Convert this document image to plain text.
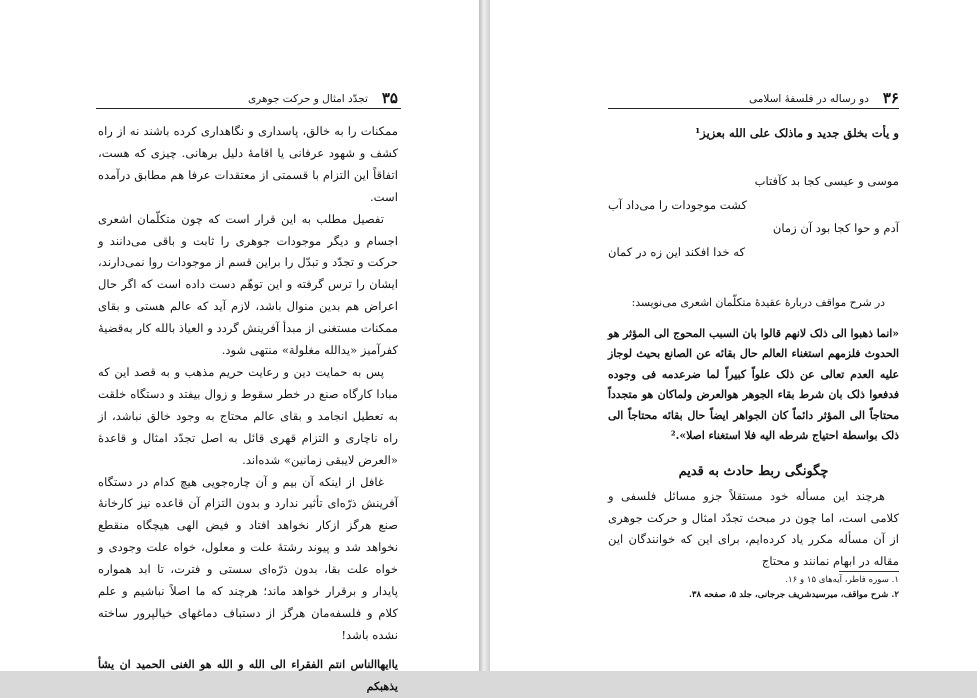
۳۵
تجدّد امثال و حرکت جوهری

ممکنات را به خالق، پاسداری و نگاهداری کرده باشند نه از راه کشف و شهود عرفانی یا اقامهٔ دلیل برهانی. چیزی که هست، اتفاقاً این التزام با قسمتی از معتقدات عرفا هم مطابق درآمده است.

تفصیل مطلب به این قرار است که چون متکلّمان اشعری اجسام و دیگر موجودات جوهری را ثابت و باقی می‌دانند و حرکت و تجدّد و تبدّل را براین قسم از موجودات روا نمی‌دارند، ایشان را ترس گرفته و این توهّم دست داده است که اگر حال اعراض هم بدین منوال باشد، لازم آید که عالم هستی و بقای ممکنات مستغنی از مبدأ آفرینش گردد و العیاذ بالله کار به‌قضیهٔ کفرآمیز «یدالله مغلولة» منتهی شود.

پس به حمایت دین و رعایت حریم مذهب و به قصد این که مبادا کارگاه صنع در خطر سقوط و زوال بیفتد و دستگاه خلقت به تعطیل انجامد و بقای عالم محتاج به وجود خالق نباشد، از راه ناچاری و التزام قهری قائل به اصل تجدّد امثال و قاعدهٔ «العرض لایبقی زمانین» شده‌اند.

غافل از اینکه آن بیم و آن چاره‌جویی هیچ کدام در دستگاه آفرینش ذرّه‌ای تأثیر ندارد و بدون التزام آن قاعده نیز کارخانهٔ صنع هرگز ازکار نخواهد افتاد و فیض الهی هیچگاه منقطع نخواهد شد و پیوند رشتهٔ علت و معلول، خواه علت وجودی و خواه علت بقا، بدون ذرّه‌ای سستی و فترت، تا ابد همواره پایدار و برقرار خواهد ماند؛ هرچند که ما اصلاً نباشیم و علم کلام و فلسفه‌مان هرگز از دستباف دماغهای خیالپرور ساخته نشده باشد!

یاایهاالناس انتم الفقراء الی الله و الله هو الغنی الحمید ان یشأ یذهبکم

۳۶
دو رساله در فلسفهٔ اسلامی
و یأت بخلق جدید و ماذلک علی الله بعزیز¹
موسی و عیسی کجا بد کآفتاب
کشت موجودات را می‌داد آب
آدم و حوا کجا بود آن زمان
که خدا افکند این زه در کمان

در شرح مواقف دربارهٔ عقیدهٔ متکلّمان اشعری می‌نویسد:

«انما ذهبوا الی ذلک لانهم قالوا بان السبب المحوج الی المؤثر هو الحدوث فلزمهم استغناء العالم حال بقائه عن الصانع بحیث لوجاز علیه العدم تعالی عن ذلک علواً کبیراً لما ضرعدمه فی وجوده فدفعوا ذلک بان شرط بقاء الجوهر هوالعرض ولماکان هو متجدداً محتاجاً الی المؤثر دائماً کان الجواهر ایضاً حال بقائه محتاجاً الی ذلک بواسطة احتیاج شرطه الیه فلا استغناء اصلا».²

چگونگی ربط حادث به قدیم

هرچند این مسأله خود مستقلاً جزو مسائل فلسفی و کلامی است، اما چون در مبحث تجدّد امثال و حرکت جوهری از آن مسأله مکرر یاد کرده‌ایم، برای این که خوانندگان این مقاله در ابهام نمانند و محتاج

۱. سوره فاطر، آیه‌های ۱۵ و ۱۶.
۲. شرح مواقف، میرسیدشریف جرجانی، جلد ۵، صفحه ۳۸.
